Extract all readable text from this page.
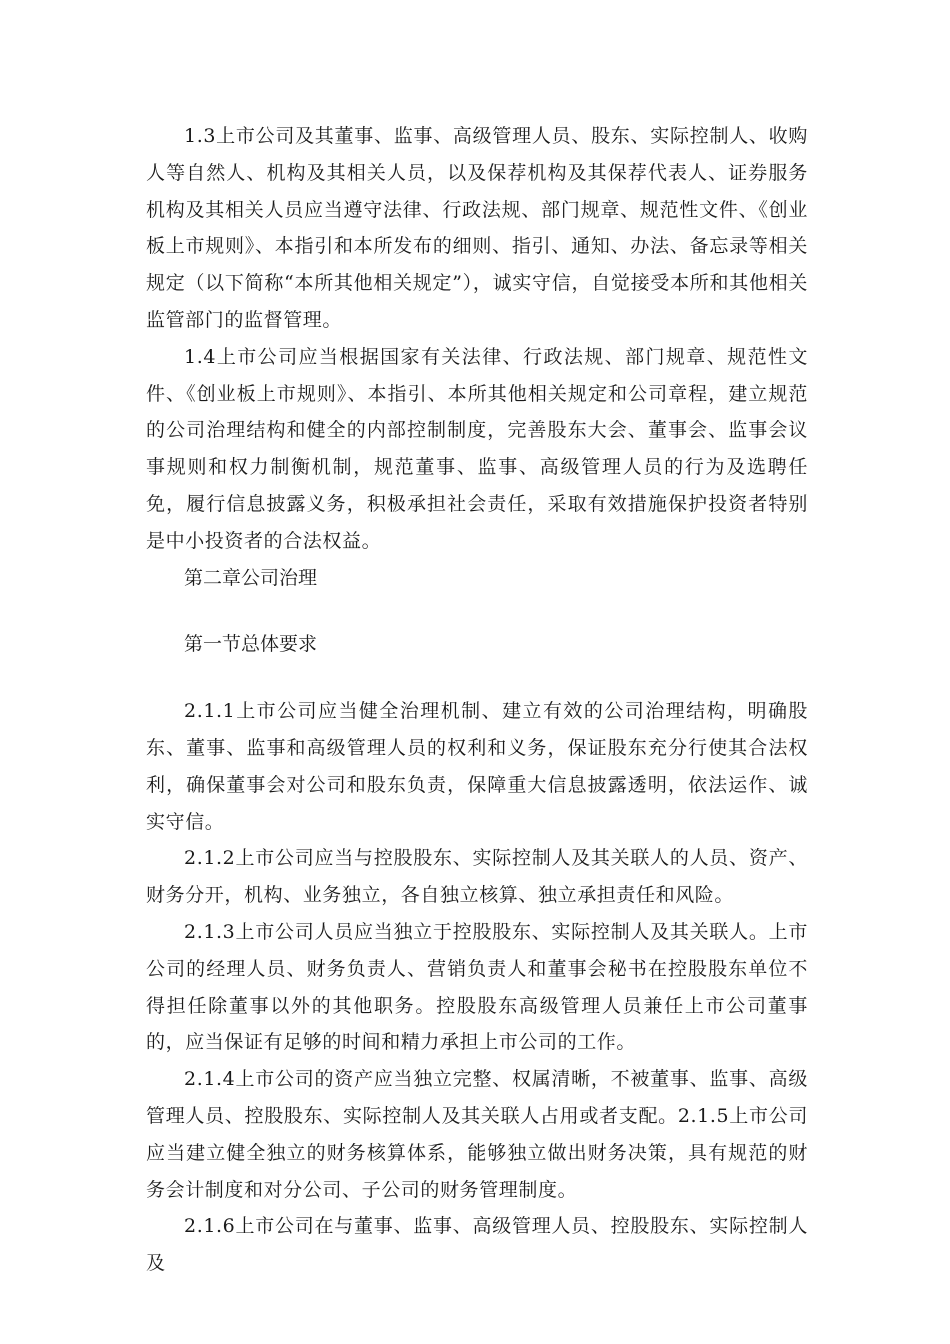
1.3上市公司及其董事、监事、高级管理人员、股东、实际控制人、收购人等自然人、机构及其相关人员，以及保荐机构及其保荐代表人、证券服务机构及其相关人员应当遵守法律、行政法规、部门规章、规范性文件、《创业板上市规则》、本指引和本所发布的细则、指引、通知、办法、备忘录等相关规定（以下简称“本所其他相关规定”），诚实守信，自觉接受本所和其他相关监管部门的监督管理。

1.4上市公司应当根据国家有关法律、行政法规、部门规章、规范性文件、《创业板上市规则》、本指引、本所其他相关规定和公司章程，建立规范的公司治理结构和健全的内部控制制度，完善股东大会、董事会、监事会议事规则和权力制衡机制，规范董事、监事、高级管理人员的行为及选聘任免，履行信息披露义务，积极承担社会责任，采取有效措施保护投资者特别是中小投资者的合法权益。

第二章公司治理

第一节总体要求

2.1.1上市公司应当健全治理机制、建立有效的公司治理结构，明确股东、董事、监事和高级管理人员的权利和义务，保证股东充分行使其合法权利，确保董事会对公司和股东负责，保障重大信息披露透明，依法运作、诚实守信。

2.1.2上市公司应当与控股股东、实际控制人及其关联人的人员、资产、财务分开，机构、业务独立，各自独立核算、独立承担责任和风险。

2.1.3上市公司人员应当独立于控股股东、实际控制人及其关联人。上市公司的经理人员、财务负责人、营销负责人和董事会秘书在控股股东单位不得担任除董事以外的其他职务。控股股东高级管理人员兼任上市公司董事的，应当保证有足够的时间和精力承担上市公司的工作。

2.1.4上市公司的资产应当独立完整、权属清晰，不被董事、监事、高级管理人员、控股股东、实际控制人及其关联人占用或者支配。2.1.5上市公司应当建立健全独立的财务核算体系，能够独立做出财务决策，具有规范的财务会计制度和对分公司、子公司的财务管理制度。

2.1.6上市公司在与董事、监事、高级管理人员、控股股东、实际控制人及
